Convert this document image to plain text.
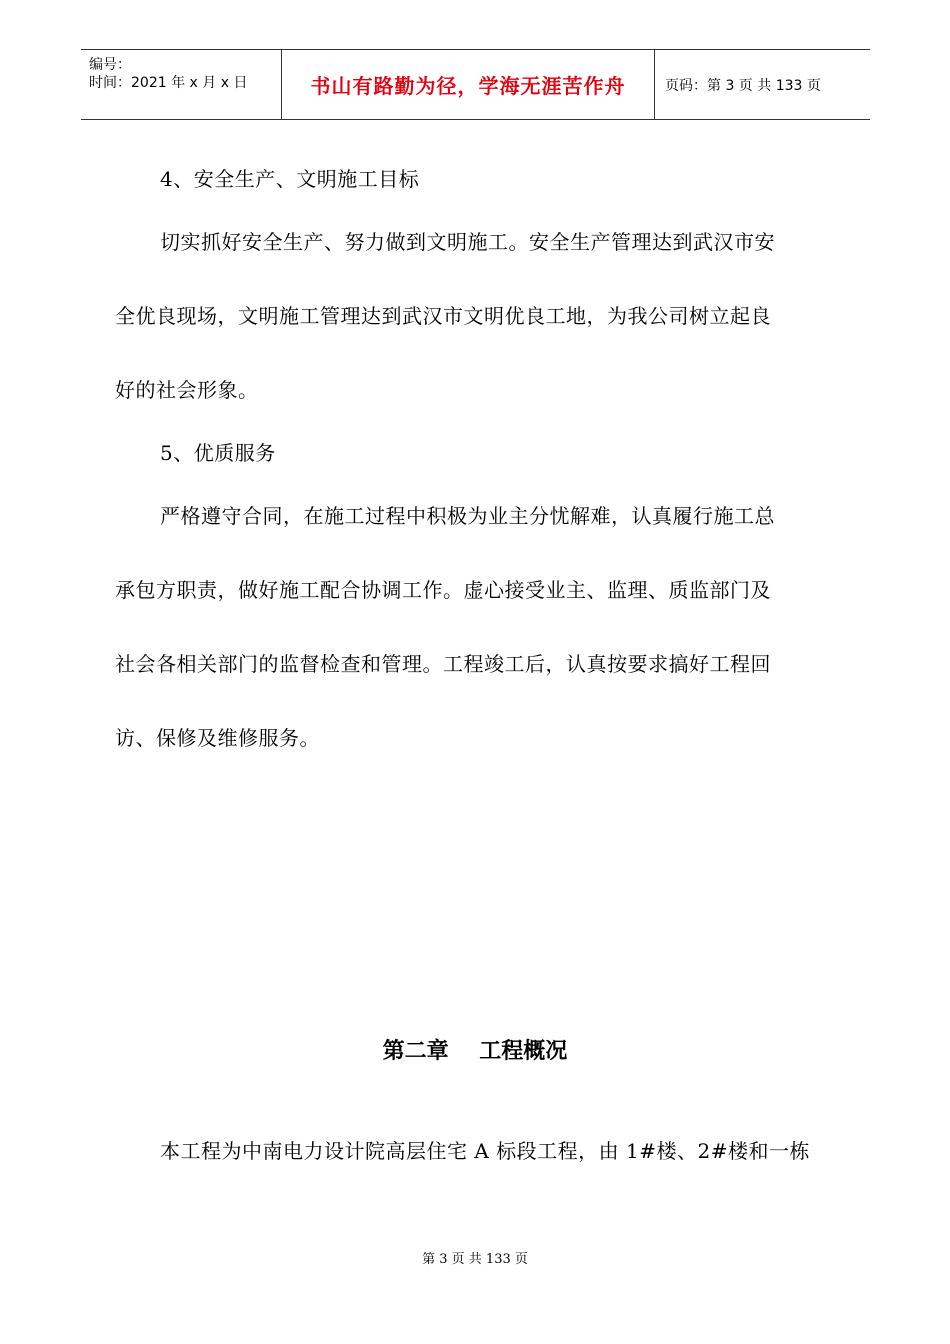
编号：
时间：2021 年 x 月 x 日	书山有路勤为径，学海无涯苦作舟	页码：第 3 页 共 133 页
4、安全生产、文明施工目标
切实抓好安全生产、努力做到文明施工。安全生产管理达到武汉市安
全优良现场，文明施工管理达到武汉市文明优良工地，为我公司树立起良
好的社会形象。
5、优质服务
严格遵守合同，在施工过程中积极为业主分忧解难，认真履行施工总
承包方职责，做好施工配合协调工作。虚心接受业主、监理、质监部门及
社会各相关部门的监督检查和管理。工程竣工后，认真按要求搞好工程回
访、保修及维修服务。
第二章    工程概况
本工程为中南电力设计院高层住宅 A 标段工程，由 1#楼、2#楼和一栋
第 3 页 共 133 页
